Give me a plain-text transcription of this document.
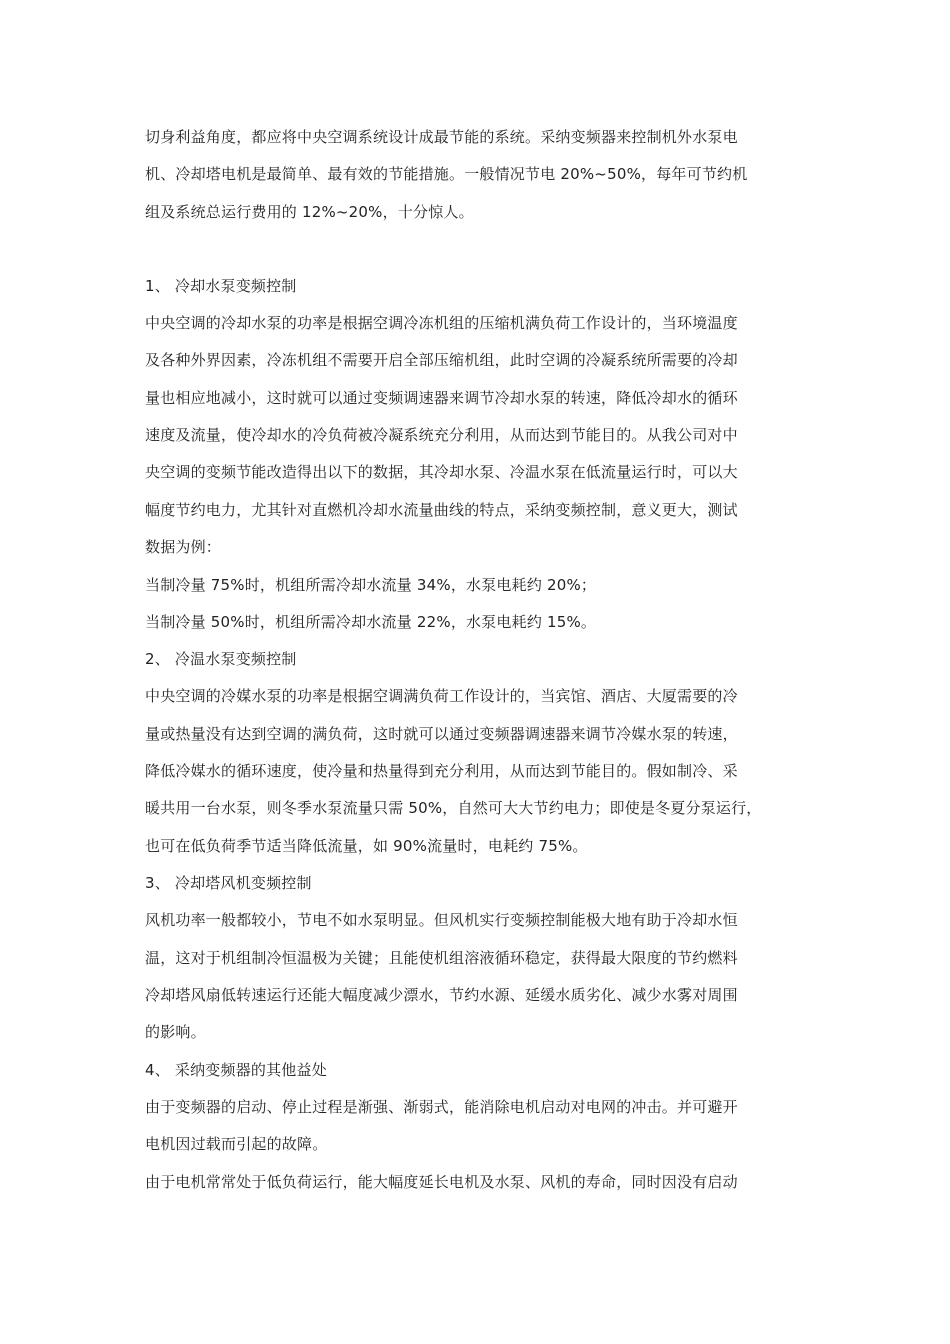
切身利益角度，都应将中央空调系统设计成最节能的系统。采纳变频器来控制机外水泵电
机、冷却塔电机是最简单、最有效的节能措施。一般情况节电 20%~50%，每年可节约机
组及系统总运行费用的 12%~20%，十分惊人。
1、 冷却水泵变频控制
中央空调的冷却水泵的功率是根据空调冷冻机组的压缩机满负荷工作设计的，当环境温度
及各种外界因素，冷冻机组不需要开启全部压缩机组，此时空调的冷凝系统所需要的冷却
量也相应地减小，这时就可以通过变频调速器来调节冷却水泵的转速，降低冷却水的循环
速度及流量，使冷却水的冷负荷被冷凝系统充分利用，从而达到节能目的。从我公司对中
央空调的变频节能改造得出以下的数据，其冷却水泵、冷温水泵在低流量运行时，可以大
幅度节约电力，尤其针对直燃机冷却水流量曲线的特点，采纳变频控制，意义更大，测试
数据为例：
当制冷量 75%时，机组所需冷却水流量 34%，水泵电耗约 20%；
当制冷量 50%时，机组所需冷却水流量 22%，水泵电耗约 15%。
2、 冷温水泵变频控制
中央空调的冷媒水泵的功率是根据空调满负荷工作设计的，当宾馆、酒店、大厦需要的冷
量或热量没有达到空调的满负荷，这时就可以通过变频器调速器来调节冷媒水泵的转速，
降低冷媒水的循环速度，使冷量和热量得到充分利用，从而达到节能目的。假如制冷、采
暖共用一台水泵，则冬季水泵流量只需 50%，自然可大大节约电力；即使是冬夏分泵运行，
也可在低负荷季节适当降低流量，如 90%流量时，电耗约 75%。
3、 冷却塔风机变频控制
风机功率一般都较小，节电不如水泵明显。但风机实行变频控制能极大地有助于冷却水恒
温，这对于机组制冷恒温极为关键；且能使机组溶液循环稳定，获得最大限度的节约燃料
冷却塔风扇低转速运行还能大幅度减少漂水，节约水源、延缓水质劣化、减少水雾对周围
的影响。
4、 采纳变频器的其他益处
由于变频器的启动、停止过程是渐强、渐弱式，能消除电机启动对电网的冲击。并可避开
电机因过载而引起的故障。
由于电机常常处于低负荷运行，能大幅度延长电机及水泵、风机的寿命，同时因没有启动
